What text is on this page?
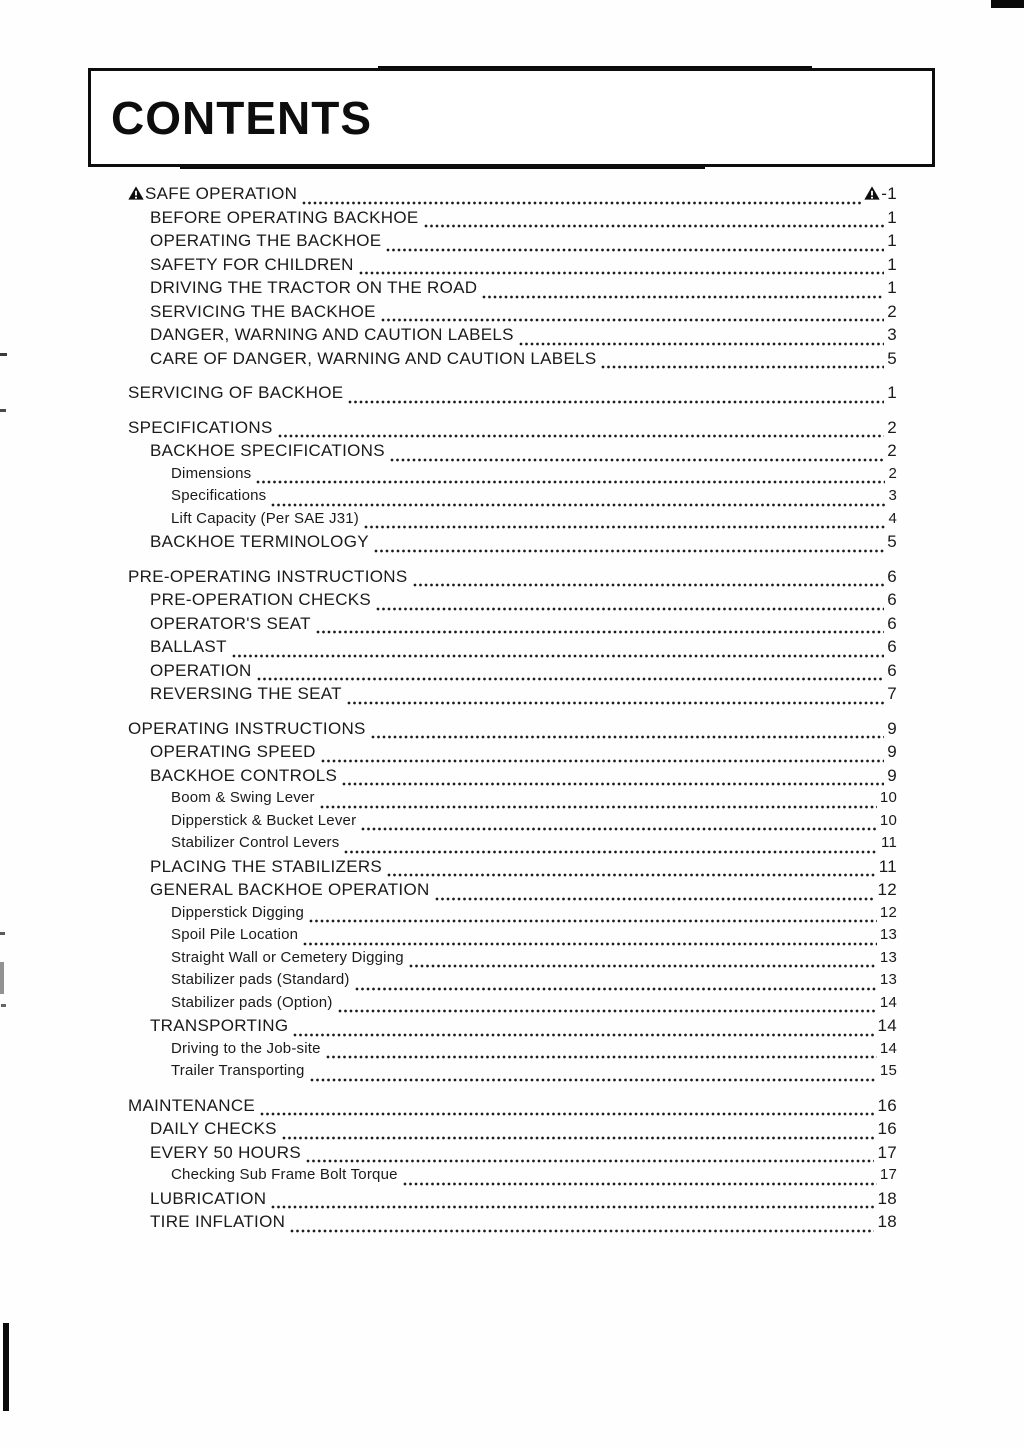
CONTENTS
SAFE OPERATION	-1
BEFORE OPERATING BACKHOE	1
OPERATING THE BACKHOE	1
SAFETY FOR CHILDREN	1
DRIVING THE TRACTOR ON THE ROAD	1
SERVICING THE BACKHOE	2
DANGER, WARNING AND CAUTION LABELS	3
CARE OF DANGER, WARNING AND CAUTION LABELS	5
SERVICING OF BACKHOE	1
SPECIFICATIONS	2
BACKHOE SPECIFICATIONS	2
Dimensions	2
Specifications	3
Lift Capacity (Per SAE J31)	4
BACKHOE TERMINOLOGY	5
PRE-OPERATING INSTRUCTIONS	6
PRE-OPERATION CHECKS	6
OPERATOR'S SEAT	6
BALLAST	6
OPERATION	6
REVERSING THE SEAT	7
OPERATING INSTRUCTIONS	9
OPERATING SPEED	9
BACKHOE CONTROLS	9
Boom & Swing Lever	10
Dipperstick & Bucket Lever	10
Stabilizer Control Levers	11
PLACING THE STABILIZERS	11
GENERAL BACKHOE OPERATION	12
Dipperstick Digging	12
Spoil Pile Location	13
Straight Wall or Cemetery Digging	13
Stabilizer pads (Standard)	13
Stabilizer pads (Option)	14
TRANSPORTING	14
Driving to the Job-site	14
Trailer Transporting	15
MAINTENANCE	16
DAILY CHECKS	16
EVERY 50 HOURS	17
Checking Sub Frame Bolt Torque	17
LUBRICATION	18
TIRE INFLATION	18
